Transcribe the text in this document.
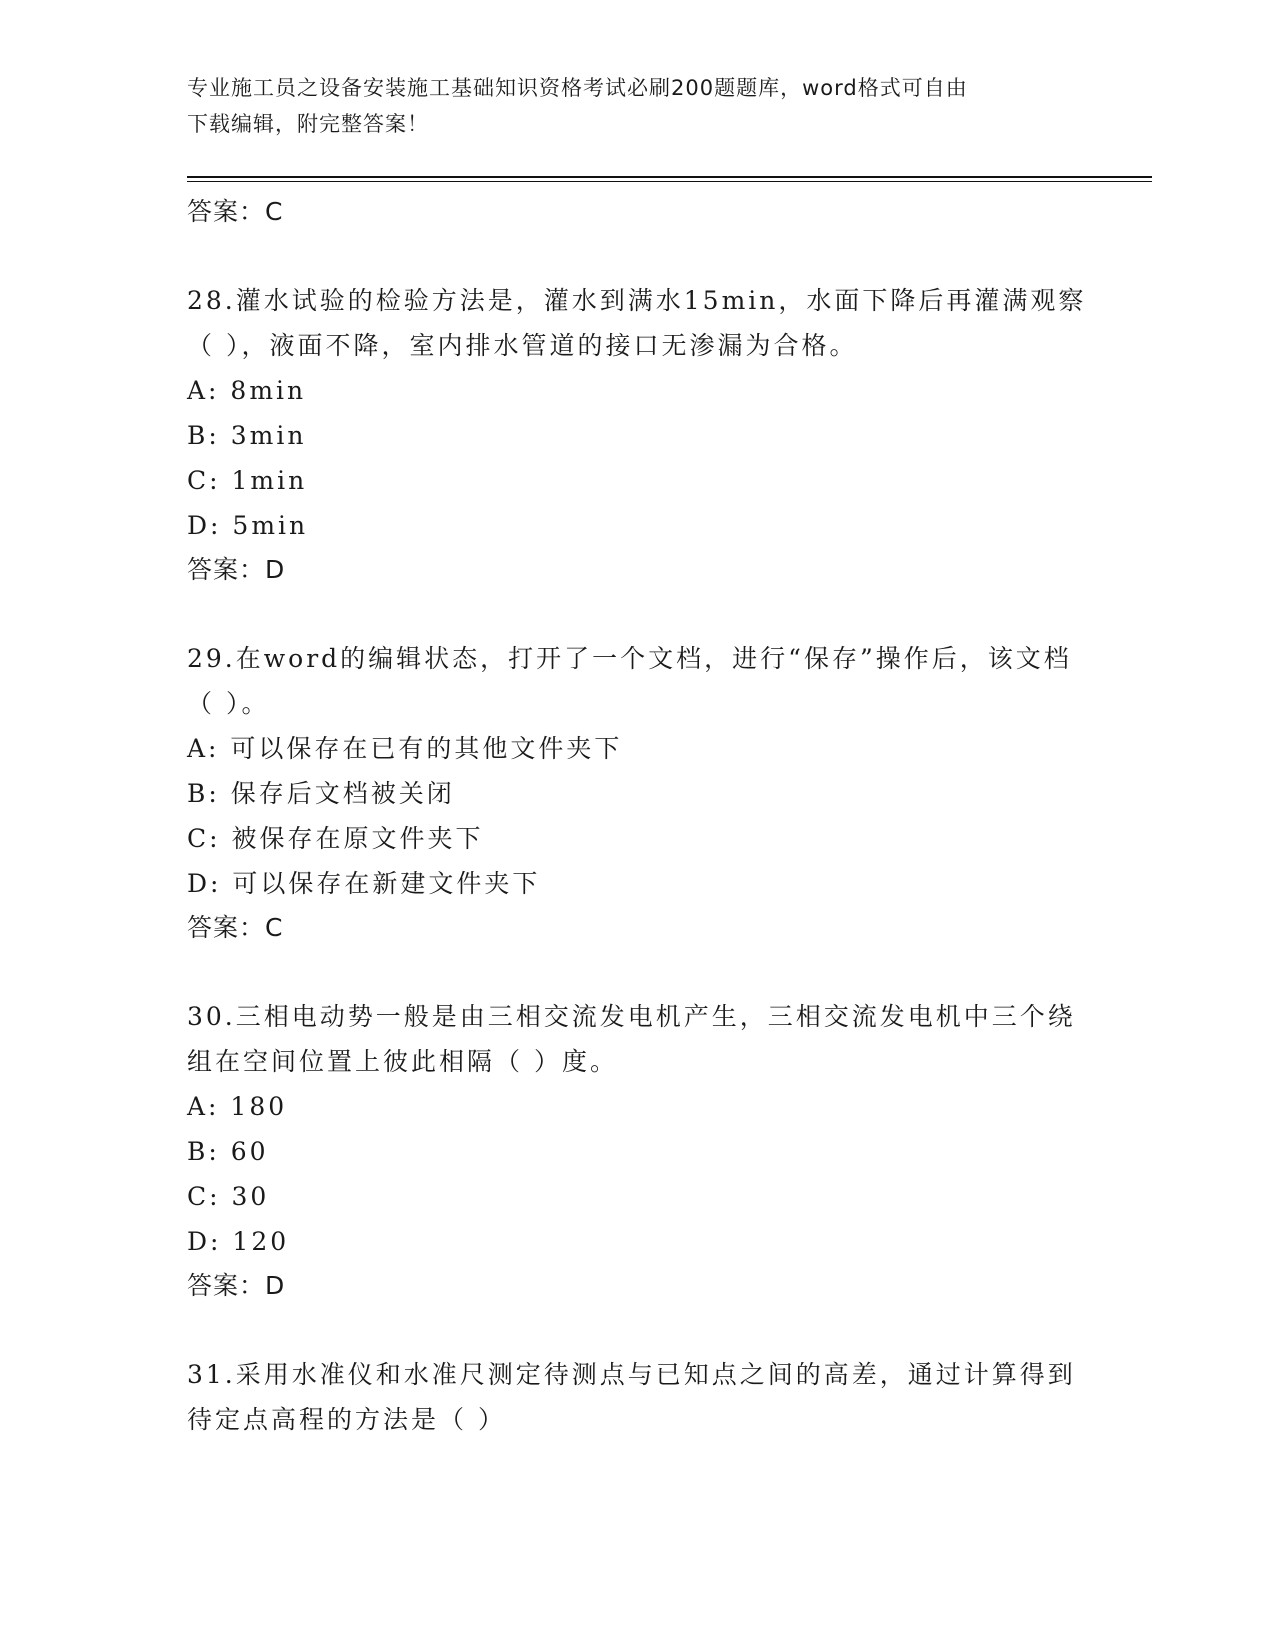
专业施工员之设备安装施工基础知识资格考试必刷200题题库，word格式可自由
下载编辑，附完整答案！

答案：C

28.灌水试验的检验方法是，灌水到满水15min，水面下降后再灌满观察（ ），液面不降，室内排水管道的接口无渗漏为合格。

A: 8min

B: 3min

C: 1min

D: 5min

答案：D

29.在word的编辑状态，打开了一个文档，进行“保存”操作后，该文档（ ）。

A: 可以保存在已有的其他文件夹下

B: 保存后文档被关闭

C: 被保存在原文件夹下

D: 可以保存在新建文件夹下

答案：C

30.三相电动势一般是由三相交流发电机产生，三相交流发电机中三个绕组在空间位置上彼此相隔（ ）度。

A: 180

B: 60

C: 30

D: 120

答案：D

31.采用水准仪和水准尺测定待测点与已知点之间的高差，通过计算得到待定点高程的方法是（ ）
